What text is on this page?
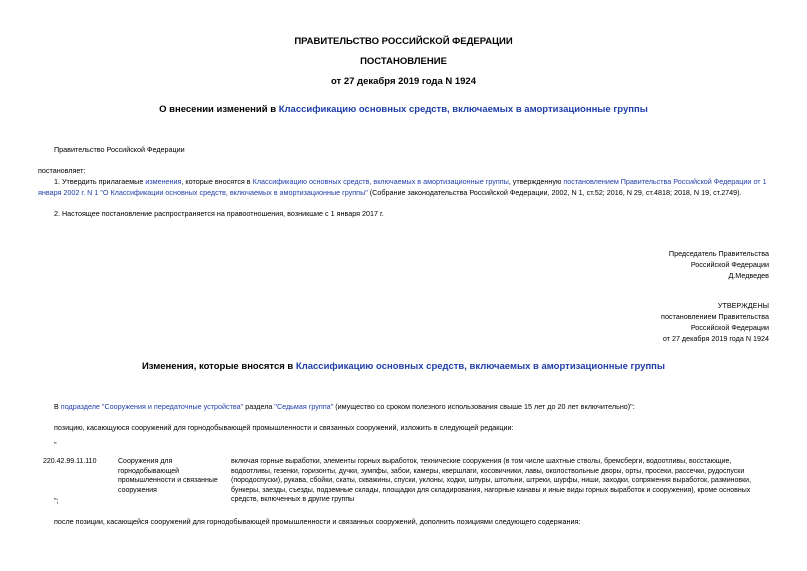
ПРАВИТЕЛЬСТВО РОССИЙСКОЙ ФЕДЕРАЦИИ
ПОСТАНОВЛЕНИЕ
от 27 декабря 2019 года N 1924
О внесении изменений в Классификацию основных средств, включаемых в амортизационные группы
Правительство Российской Федерации
постановляет:
1. Утвердить прилагаемые изменения, которые вносятся в Классификацию основных средств, включаемых в амортизационные группы, утвержденную постановлением Правительства Российской Федерации от 1 января 2002 г. N 1 "О Классификации основных средств, включаемых в амортизационные группы" (Собрание законодательства Российской Федерации, 2002, N 1, ст.52; 2016, N 29, ст.4818; 2018, N 19, ст.2749).
2. Настоящее постановление распространяется на правоотношения, возникшие с 1 января 2017 г.
Председатель Правительства
Российской Федерации
Д.Медведев
УТВЕРЖДЕНЫ
постановлением Правительства
Российской Федерации
от 27 декабря 2019 года N 1924
Изменения, которые вносятся в Классификацию основных средств, включаемых в амортизационные группы
В подразделе "Сооружения и передаточные устройства" раздела "Седьмая группа" (имущество со сроком полезного использования свыше 15 лет до 20 лет включительно)":
позицию, касающуюся сооружений для горнодобывающей промышленности и связанных сооружений, изложить в следующей редакции:
"
220.42.99.11.110	Сооружения для горнодобывающей промышленности и связанные сооружения
включая горные выработки, элементы горных выработок, технические сооружения (в том числе шахтные стволы, бремсберги, водоотливы, восстающие, водоотливы, гезенки, горизонты, дучки, зумпфы, забои, камеры, квершлаги, косовичники, лавы, околоствольные дворы, орты, просеки, рассечки, рудоспуски (породоспуски), рукава, сбойки, скаты, скважины, спуски, уклоны, ходки, шпуры, штольни, штреки, шурфы, ниши, заходки, сопряжения выработок, разминовки, бункеры, заезды, съезды, подземные склады, площадки для складирования, нагорные канавы и иные виды горных выработок и сооружения), кроме основных средств, включенных в другие группы
";
после позиции, касающейся сооружений для горнодобывающей промышленности и связанных сооружений, дополнить позициями следующего содержания:
